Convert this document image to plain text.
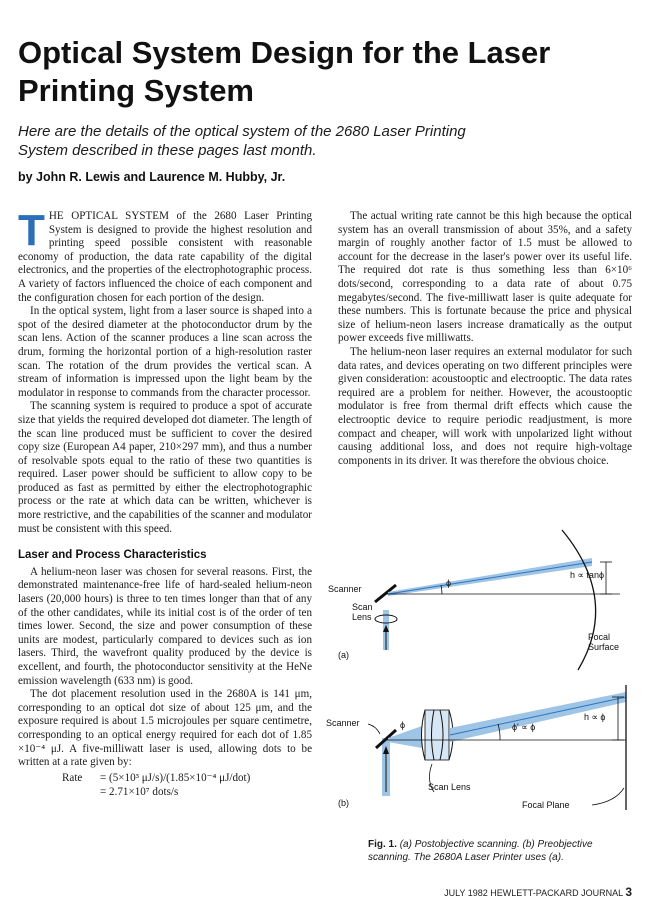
Optical System Design for the Laser Printing System
Here are the details of the optical system of the 2680 Laser Printing System described in these pages last month.
by John R. Lewis and Laurence M. Hubby, Jr.

THE OPTICAL SYSTEM of the 2680 Laser Printing System is designed to provide the highest resolution and printing speed possible consistent with reasonable economy of production, the data rate capability of the digital electronics, and the properties of the electrophotographic process. A variety of factors influenced the choice of each component and the configuration chosen for each portion of the design.

In the optical system, light from a laser source is shaped into a spot of the desired diameter at the photoconductor drum by the scan lens. Action of the scanner produces a line scan across the drum, forming the horizontal portion of a high-resolution raster scan. The rotation of the drum provides the vertical scan. A stream of information is impressed upon the light beam by the modulator in response to commands from the character processor.

The scanning system is required to produce a spot of accurate size that yields the required developed dot diameter. The length of the scan line produced must be sufficient to cover the desired copy size (European A4 paper, 210×297 mm), and thus a number of resolvable spots equal to the ratio of these two quantities is required. Laser power should be sufficient to allow copy to be produced as fast as permitted by either the electrophotographic process or the rate at which data can be written, whichever is more restrictive, and the capabilities of the scanner and modulator must be consistent with this speed.

Laser and Process Characteristics

A helium-neon laser was chosen for several reasons. First, the demonstrated maintenance-free life of hard-sealed helium-neon lasers (20,000 hours) is three to ten times longer than that of any of the other candidates, while its initial cost is of the order of ten times lower. Second, the size and power consumption of these units are modest, particularly compared to devices such as ion lasers. Third, the wavefront quality produced by the device is excellent, and fourth, the photoconductor sensitivity at the HeNe emission wavelength (633 nm) is good.

The dot placement resolution used in the 2680A is 141 μm, corresponding to an optical dot size of about 125 μm, and the exposure required is about 1.5 microjoules per square centimetre, corresponding to an optical energy required for each dot of 1.85 ×10⁻⁴ μJ. A five-milliwatt laser is used, allowing dots to be written at a rate given by:

Rate = (5×10³ μJ/s)/(1.85×10⁻⁴ μJ/dot)
= 2.71×10⁷ dots/s

The actual writing rate cannot be this high because the optical system has an overall transmission of about 35%, and a safety margin of roughly another factor of 1.5 must be allowed to account for the decrease in the laser's power over its useful life. The required dot rate is thus something less than 6×10⁶ dots/second, corresponding to a data rate of about 0.75 megabytes/second. The five-milliwatt laser is quite adequate for these numbers. This is fortunate because the price and physical size of helium-neon lasers increase dramatically as the output power exceeds five milliwatts.

The helium-neon laser requires an external modulator for such data rates, and devices operating on two different principles were given consideration: acoustooptic and electrooptic. The data rates required are a problem for neither. However, the acoustooptic modulator is free from thermal drift effects which cause the electrooptic device to require periodic readjustment, is more compact and cheaper, will work with unpolarized light without causing additional loss, and does not require high-voltage components in its driver. It was therefore the obvious choice.

Scanner
Scan
Lens
ϕ
h ∝ tanϕ
Focal
Surface
(a)
Scanner	ϕ	ϕ' ∝ ϕ
h ∝ ϕ
Scan Lens
Focal Plane
(b)
Fig. 1. (a) Postobjective scanning. (b) Preobjective scanning. The 2680A Laser Printer uses (a).
JULY 1982 HEWLETT-PACKARD JOURNAL 3
